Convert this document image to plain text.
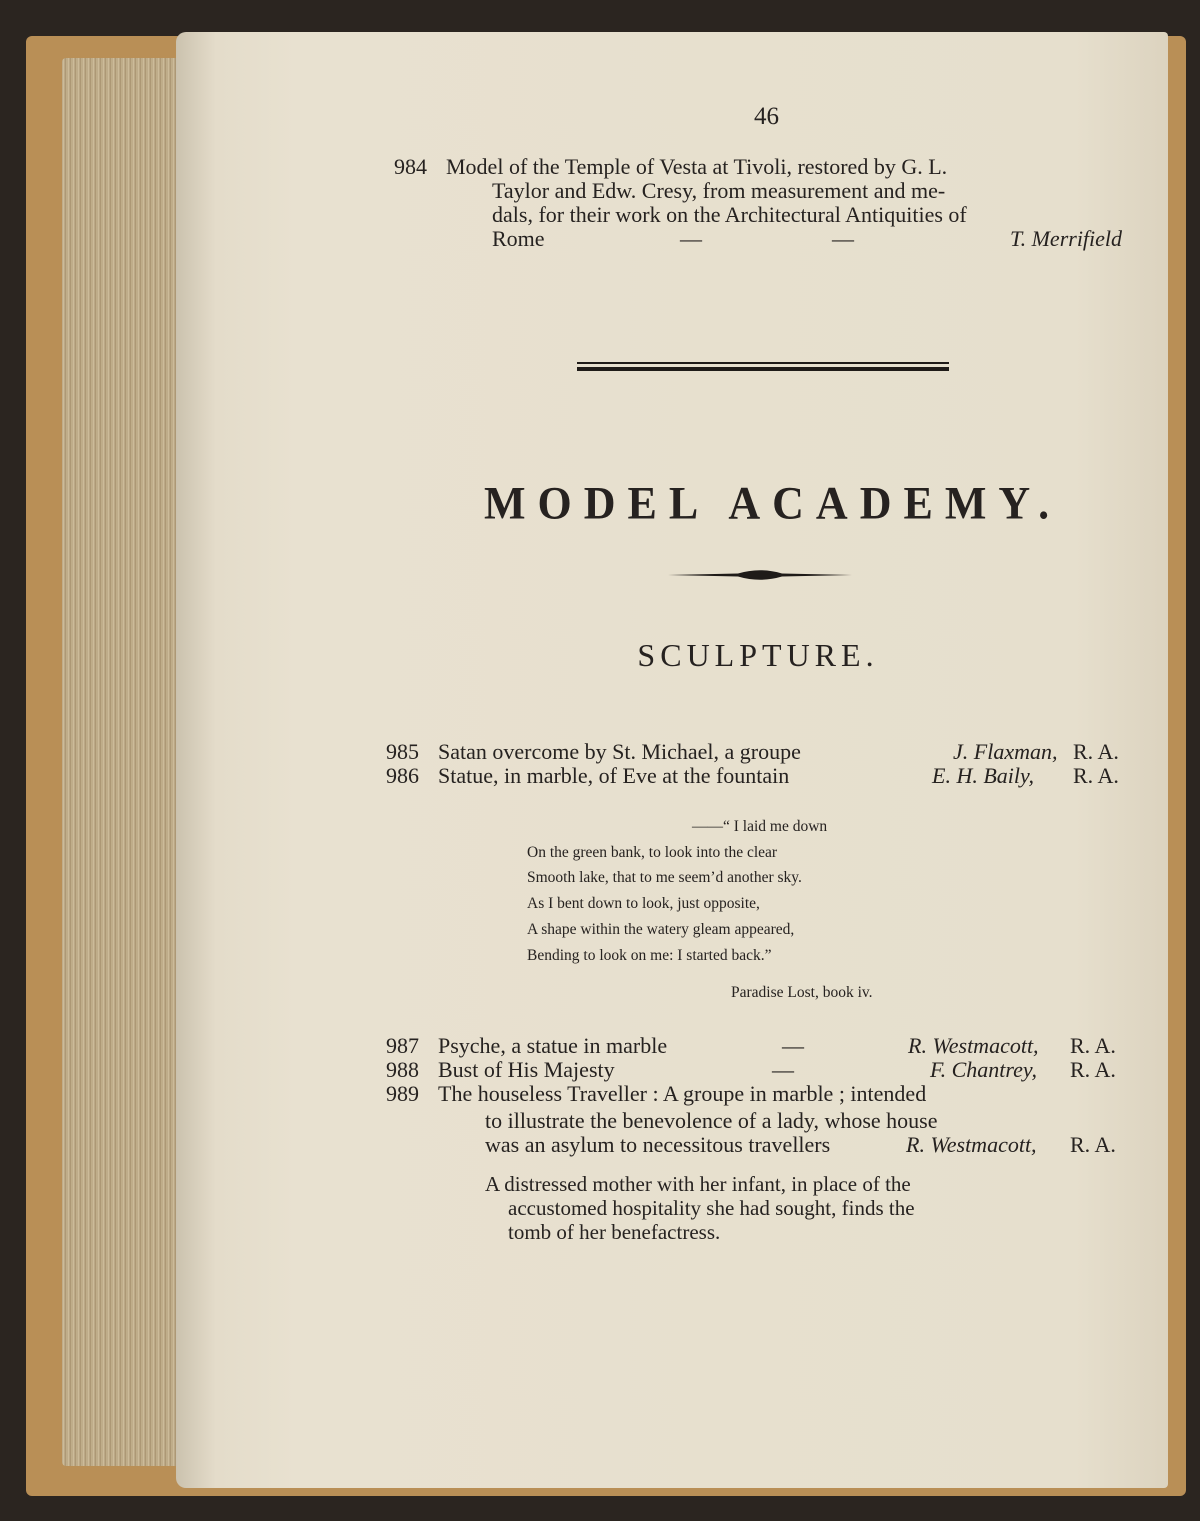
46
984 Model of the Temple of Vesta at Tivoli, restored by G. L.
Taylor and Edw. Cresy, from measurement and me-
dals, for their work on the Architectural Antiquities of
Rome	—	—	T. Merrifield
MODEL ACADEMY.
SCULPTURE.
985 Satan overcome by St. Michael, a groupe	J. Flaxman, R. A.
986 Statue, in marble, of Eve at the fountain	E. H. Baily, R. A.
——“ I laid me down
On the green bank, to look into the clear
Smooth lake, that to me seem’d another sky.
As I bent down to look, just opposite,
A shape within the watery gleam appeared,
Bending to look on me: I started back.”
Paradise Lost, book iv.
987 Psyche, a statue in marble	—	R. Westmacott, R. A.
988 Bust of His Majesty	—	F. Chantrey, R. A.
989 The houseless Traveller : A groupe in marble ; intended
to illustrate the benevolence of a lady, whose house
was an asylum to necessitous travellers	R. Westmacott, R. A.
A distressed mother with her infant, in place of the
accustomed hospitality she had sought, finds the
tomb of her benefactress.
